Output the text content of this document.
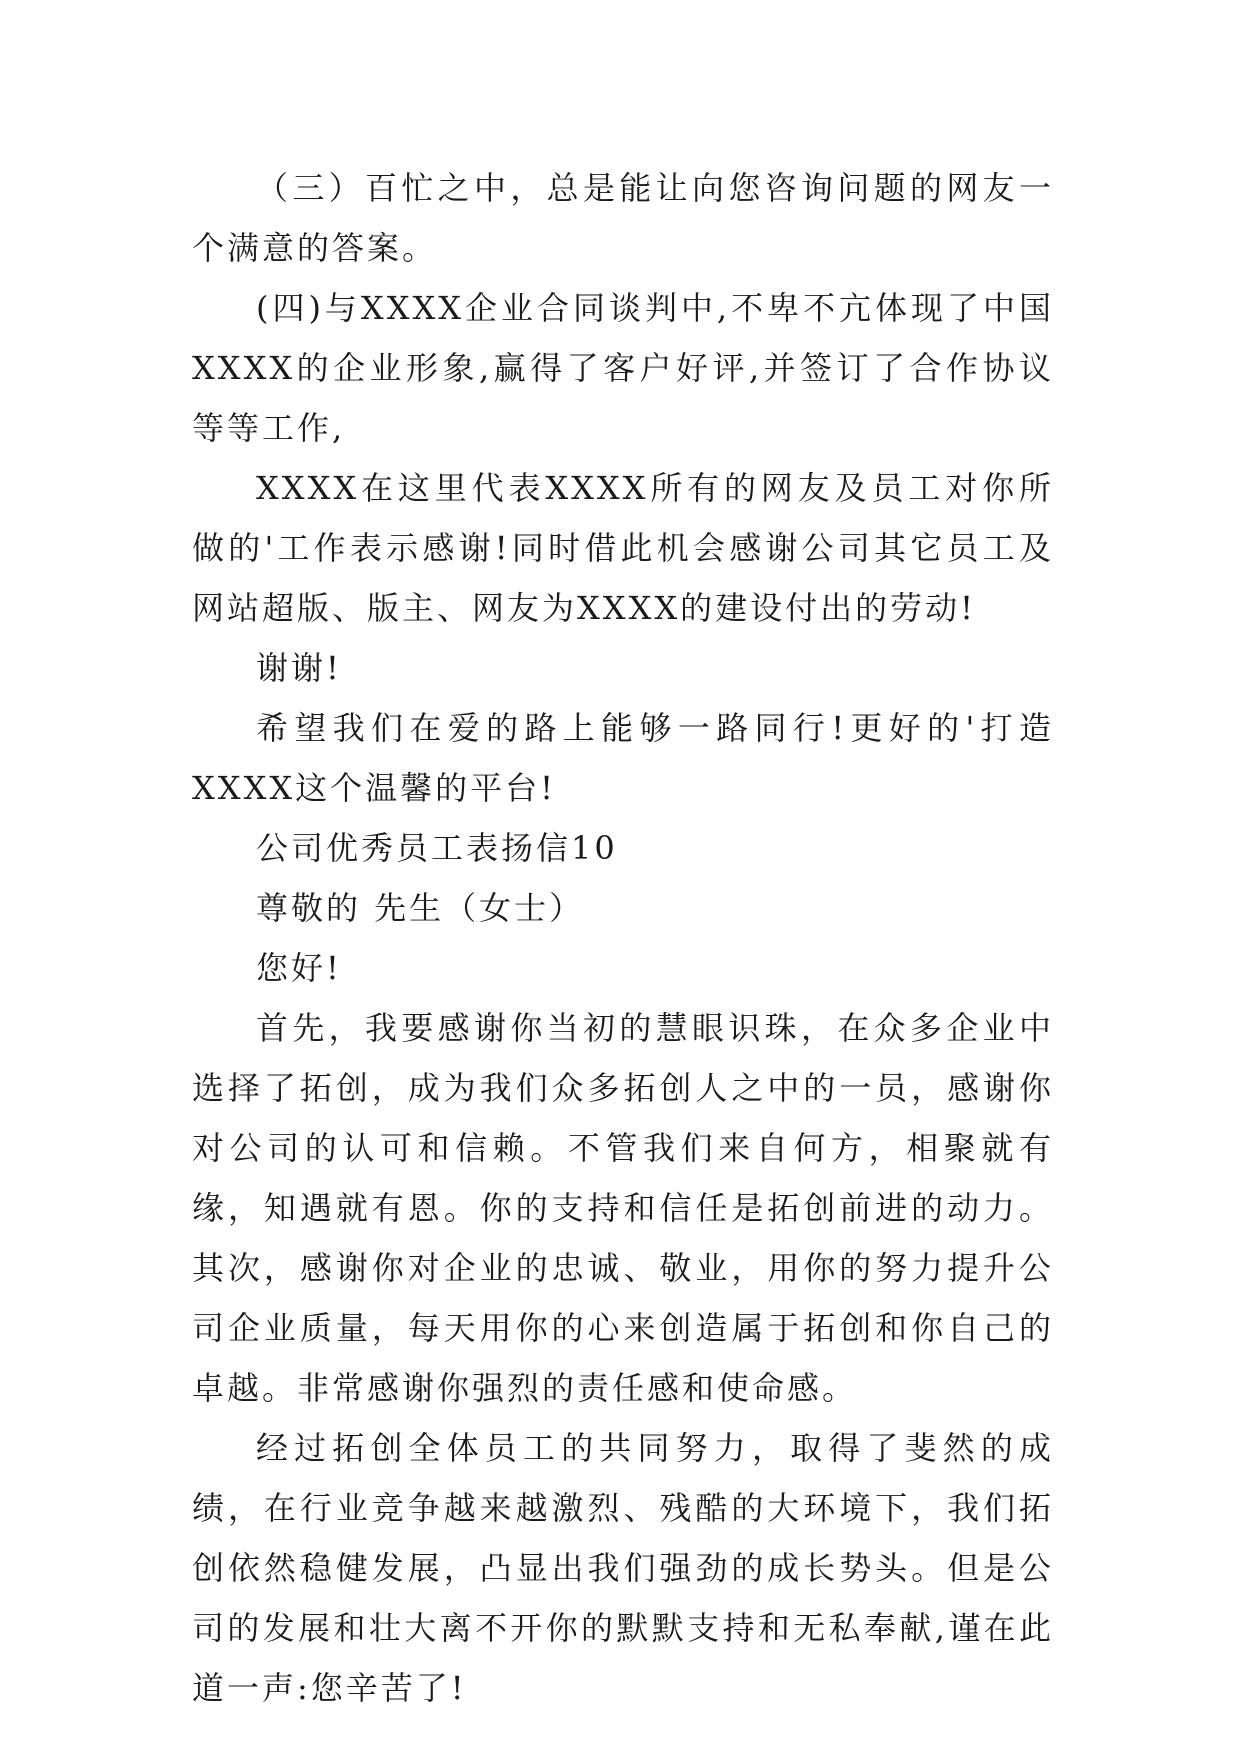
（三）百忙之中，总是能让向您咨询问题的网友一个满意的答案。

(四)与XXXX企业合同谈判中,不卑不亢体现了中国XXXX的企业形象,赢得了客户好评,并签订了合作协议等等工作,

XXXX在这里代表XXXX所有的网友及员工对你所做的'工作表示感谢!同时借此机会感谢公司其它员工及网站超版、版主、网友为XXXX的建设付出的劳动!

谢谢!

希望我们在爱的路上能够一路同行!更好的'打造XXXX这个温馨的平台!

公司优秀员工表扬信10

尊敬的 先生（女士）

您好!

首先，我要感谢你当初的慧眼识珠，在众多企业中选择了拓创，成为我们众多拓创人之中的一员，感谢你对公司的认可和信赖。不管我们来自何方，相聚就有缘，知遇就有恩。你的支持和信任是拓创前进的动力。 其次，感谢你对企业的忠诚、敬业，用你的努力提升公司企业质量，每天用你的心来创造属于拓创和你自己的卓越。非常感谢你强烈的责任感和使命感。

经过拓创全体员工的共同努力，取得了斐然的成绩，在行业竞争越来越激烈、残酷的大环境下，我们拓创依然稳健发展，凸显出我们强劲的成长势头。但是公司的发展和壮大离不开你的默默支持和无私奉献,谨在此道一声:您辛苦了!
